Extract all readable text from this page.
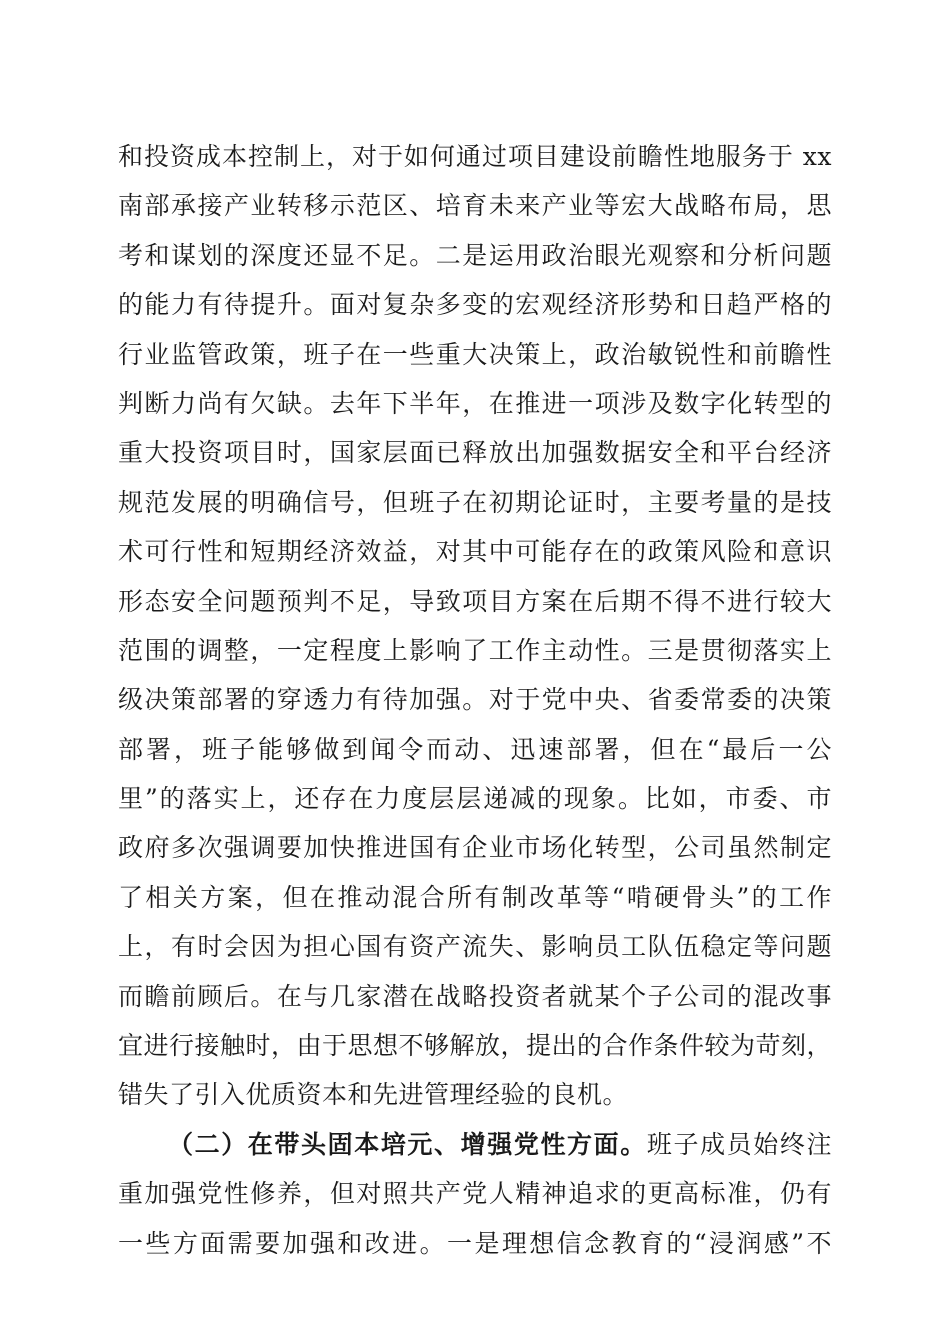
和投资成本控制上，对于如何通过项目建设前瞻性地服务于 xx
南部承接产业转移示范区、培育未来产业等宏大战略布局，思
考和谋划的深度还显不足。二是运用政治眼光观察和分析问题
的能力有待提升。面对复杂多变的宏观经济形势和日趋严格的
行业监管政策，班子在一些重大决策上，政治敏锐性和前瞻性
判断力尚有欠缺。去年下半年，在推进一项涉及数字化转型的
重大投资项目时，国家层面已释放出加强数据安全和平台经济
规范发展的明确信号，但班子在初期论证时，主要考量的是技
术可行性和短期经济效益，对其中可能存在的政策风险和意识
形态安全问题预判不足，导致项目方案在后期不得不进行较大
范围的调整，一定程度上影响了工作主动性。三是贯彻落实上
级决策部署的穿透力有待加强。对于党中央、省委常委的决策
部署，班子能够做到闻令而动、迅速部署，但在“最后一公
里”的落实上，还存在力度层层递减的现象。比如，市委、市
政府多次强调要加快推进国有企业市场化转型，公司虽然制定
了相关方案，但在推动混合所有制改革等“啃硬骨头”的工作
上，有时会因为担心国有资产流失、影响员工队伍稳定等问题
而瞻前顾后。在与几家潜在战略投资者就某个子公司的混改事
宜进行接触时，由于思想不够解放，提出的合作条件较为苛刻，
错失了引入优质资本和先进管理经验的良机。
（二）在带头固本培元、增强党性方面。班子成员始终注
重加强党性修养，但对照共产党人精神追求的更高标准，仍有
一些方面需要加强和改进。一是理想信念教育的“浸润感”不
